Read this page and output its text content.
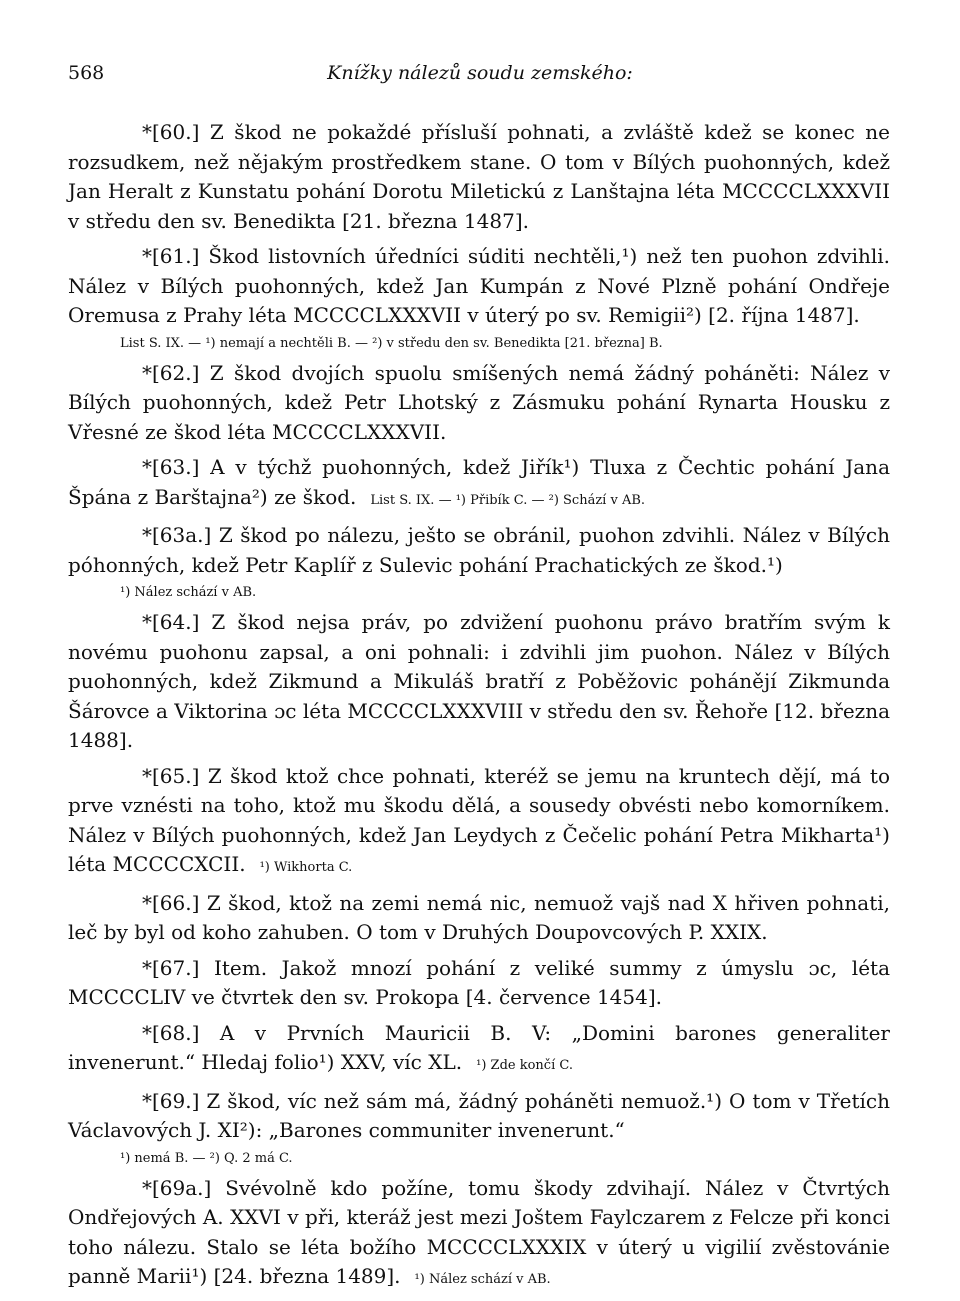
568	Knížky nálezů soudu zemského:

*[60.] Z škod ne pokaždé přísluší pohnati, a zvláště kdež se konec ne rozsudkem, než nějakým prostředkem stane. O tom v Bílých puohonných, kdež Jan Heralt z Kunstatu pohání Dorotu Miletickú z Lanštajna léta MCCCCLXXXVII v středu den sv. Benedikta [21. března 1487].

*[61.] Škod listovních úředníci súditi nechtěli,¹) než ten puohon zdvihli. Nález v Bílých puohonných, kdež Jan Kumpán z Nové Plzně pohání Ondřeje Oremusa z Prahy léta MCCCCLXXXVII v úterý po sv. Remigii²) [2. října 1487].

List S. IX. — ¹) nemají a nechtěli B. — ²) v středu den sv. Benedikta [21. března] B.

*[62.] Z škod dvojích spuolu smíšených nemá žádný poháněti: Nález v Bílých puohonných, kdež Petr Lhotský z Zásmuku pohání Rynarta Housku z Vřesné ze škod léta MCCCCLXXXVII.

*[63.] A v týchž puohonných, kdež Jiřík¹) Tluxa z Čechtic pohání Jana Špána z Barštajna²) ze škod. List S. IX. — ¹) Přibík C. — ²) Schází v AB.

*[63a.] Z škod po nálezu, ješto se obránil, puohon zdvihli. Nález v Bílých póhonných, kdež Petr Kaplíř z Sulevic pohání Prachatických ze škod.¹)

¹) Nález schází v AB.

*[64.] Z škod nejsa práv, po zdvižení puohonu právo bratřím svým k novému puohonu zapsal, a oni pohnali: i zdvihli jim puohon. Nález v Bílých puohonných, kdež Zikmund a Mikuláš bratří z Poběžovic pohánějí Zikmunda Šárovce a Viktorina ɔc léta MCCCCLXXXVIII v středu den sv. Řehoře [12. března 1488].

*[65.] Z škod ktož chce pohnati, kteréž se jemu na kruntech dějí, má to prve vznésti na toho, ktož mu škodu dělá, a sousedy obvésti nebo komorníkem. Nález v Bílých puohonných, kdež Jan Leydych z Čečelic pohání Petra Mikharta¹) léta MCCCCXCII. ¹) Wikhorta C.

*[66.] Z škod, ktož na zemi nemá nic, nemuož vajš nad X hřiven pohnati, leč by byl od koho zahuben. O tom v Druhých Doupovcových P. XXIX.

*[67.] Item. Jakož mnozí pohání z veliké summy z úmyslu ɔc, léta MCCCCLIV ve čtvrtek den sv. Prokopa [4. července 1454].

*[68.] A v Prvních Mauricii B. V: „Domini barones generaliter invenerunt.“ Hledaj folio¹) XXV, víc XL. ¹) Zde končí C.

*[69.] Z škod, víc než sám má, žádný poháněti nemuož.¹) O tom v Třetích Václavových J. XI²): „Barones communiter invenerunt.“

¹) nemá B. — ²) Q. 2 má C.

*[69a.] Svévolně kdo požíne, tomu škody zdvihají. Nález v Čtvrtých Ondřejových A. XXVI v při, kteráž jest mezi Joštem Faylczarem z Felcze při konci toho nálezu. Stalo se léta božího MCCCCLXXXIX v úterý u vigilií zvěstovánie panně Marii¹) [24. března 1489]. ¹) Nález schází v AB.
